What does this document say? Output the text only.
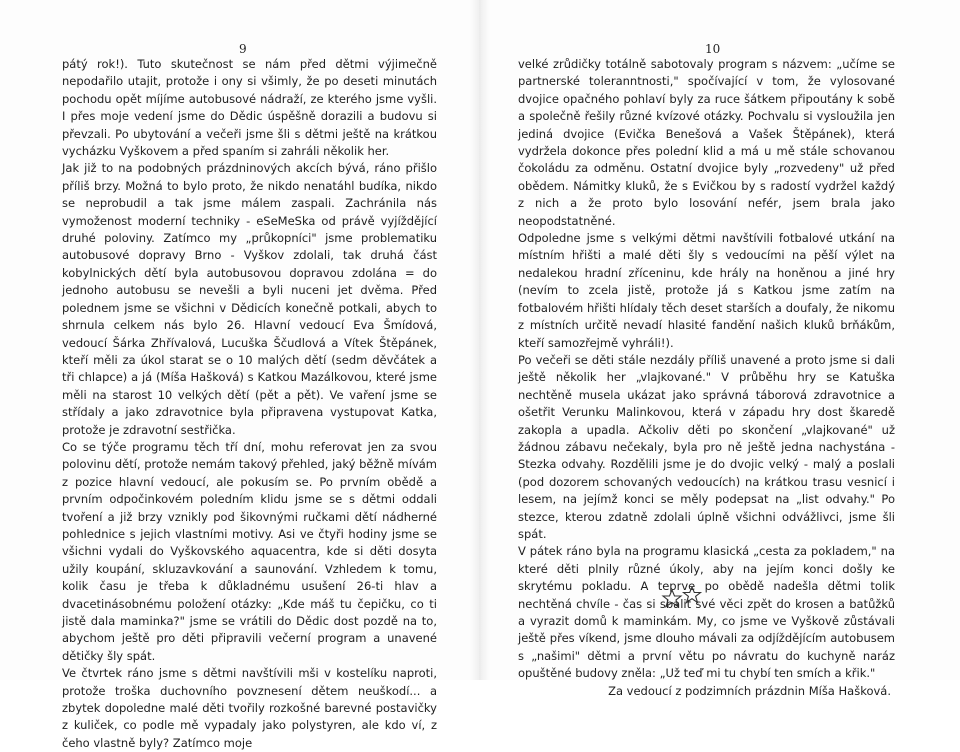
9

pátý rok!). Tuto skutečnost se nám před dětmi výjimečně nepodařilo utajit, protože i ony si všimly, že po deseti minutách pochodu opět míjíme autobusové nádraží, ze kterého jsme vyšli. I přes moje vedení jsme do Dědic úspěšně dorazili a budovu si převzali. Po ubytování a večeři jsme šli s dětmi ještě na krátkou vycházku Vyškovem a před spaním si zahráli několik her.

Jak již to na podobných prázdninových akcích bývá, ráno přišlo příliš brzy. Možná to bylo proto, že nikdo nenatáhl budíka, nikdo se neprobudil a tak jsme málem zaspali. Zachránila nás vymoženost moderní techniky - eSeMeSka od právě vyjíždějící druhé poloviny. Zatímco my „průkopníci" jsme problematiku autobusové dopravy Brno - Vyškov zdolali, tak druhá část kobylnických dětí byla autobusovou dopravou zdolána = do jednoho autobusu se nevešli a byli nuceni jet dvěma. Před polednem jsme se všichni v Dědicích konečně potkali, abych to shrnula celkem nás bylo 26. Hlavní vedoucí Eva Šmídová, vedoucí Šárka Zhřívalová, Lucuška Ščudlová a Vítek Štěpánek, kteří měli za úkol starat se o 10 malých dětí (sedm děvčátek a tři chlapce) a já (Míša Hašková) s Katkou Mazálkovou, které jsme měli na starost 10 velkých dětí (pět a pět). Ve vaření jsme se střídaly a jako zdravotnice byla připravena vystupovat Katka, protože je zdravotní sestřička.

Co se týče programu těch tří dní, mohu referovat jen za svou polovinu dětí, protože nemám takový přehled, jaký běžně mívám z pozice hlavní vedoucí, ale pokusím se. Po prvním obědě a prvním odpočinkovém poledním klidu jsme se s dětmi oddali tvoření a již brzy vznikly pod šikovnými ručkami dětí nádherné pohlednice s jejich vlastními motivy. Asi ve čtyři hodiny jsme se všichni vydali do Vyškovského aquacentra, kde si děti dosyta užily koupání, skluzavkování a saunování. Vzhledem k tomu, kolik času je třeba k důkladnému usušení 26-ti hlav a dvacetinásobnému položení otázky: „Kde máš tu čepičku, co ti jistě dala maminka?" jsme se vrátili do Dědic dost pozdě na to, abychom ještě pro děti připravili večerní program a unavené dětičky šly spát.

Ve čtvrtek ráno jsme s dětmi navštívili mši v kostelíku naproti, protože troška duchovního povznesení dětem neuškodí... a zbytek dopoledne malé děti tvořily rozkošné barevné postavičky z kuliček, co podle mě vypadaly jako polystyren, ale kdo ví, z čeho vlastně byly? Zatímco moje

10

velké zrůdičky totálně sabotovaly program s názvem: „učíme se partnerské toleranntnosti," spočívající v tom, že vylosované dvojice opačného pohlaví byly za ruce šátkem připoutány k sobě a společně řešily různé kvízové otázky. Pochvalu si vysloužila jen jediná dvojice (Evička Benešová a Vašek Štěpánek), která vydržela dokonce přes polední klid a má u mě stále schovanou čokoládu za odměnu. Ostatní dvojice byly „rozvedeny" už před obědem. Námitky kluků, že s Evičkou by s radostí vydržel každý z nich a že proto bylo losování nefér, jsem brala jako neopodstatněné.

Odpoledne jsme s velkými dětmi navštívili fotbalové utkání na místním hřišti a malé děti šly s vedoucími na pěší výlet na nedalekou hradní zříceninu, kde hrály na honěnou a jiné hry (nevím to zcela jistě, protože já s Katkou jsme zatím na fotbalovém hřišti hlídaly těch deset starších a doufaly, že nikomu z místních určitě nevadí hlasité fandění našich kluků brňákům, kteří samozřejmě vyhráli!).

Po večeři se děti stále nezdály příliš unavené a proto jsme si dali ještě několik her „vlajkované." V průběhu hry se Katuška nechtěně musela ukázat jako správná táborová zdravotnice a ošetřit Verunku Malinkovou, která v západu hry dost škaredě zakopla a upadla. Ačkoliv děti po skončení „vlajkované" už žádnou zábavu nečekaly, byla pro ně ještě jedna nachystána - Stezka odvahy. Rozdělili jsme je do dvojic velký - malý a poslali (pod dozorem schovaných vedoucích) na krátkou trasu vesnicí i lesem, na jejímž konci se měly podepsat na „list odvahy." Po stezce, kterou zdatně zdolali úplně všichni odvážlivci, jsme šli spát.

V pátek ráno byla na programu klasická „cesta za pokladem," na které děti plnily různé úkoly, aby na jejím konci došly ke skrytému pokladu. A teprve po obědě nadešla dětmi tolik nechtěná chvíle - čas si sbalit své věci zpět do krosen a batůžků a vyrazit domů k maminkám. My, co jsme ve Vyškově zůstávali ještě přes víkend, jsme dlouho mávali za odjíždějícím autobusem s „našimi" dětmi a první větu po návratu do kuchyně naráz opuštěné budovy zněla: „Už teď mi tu chybí ten smích a křik."

Za vedoucí z podzimních prázdnin Míša Hašková.
